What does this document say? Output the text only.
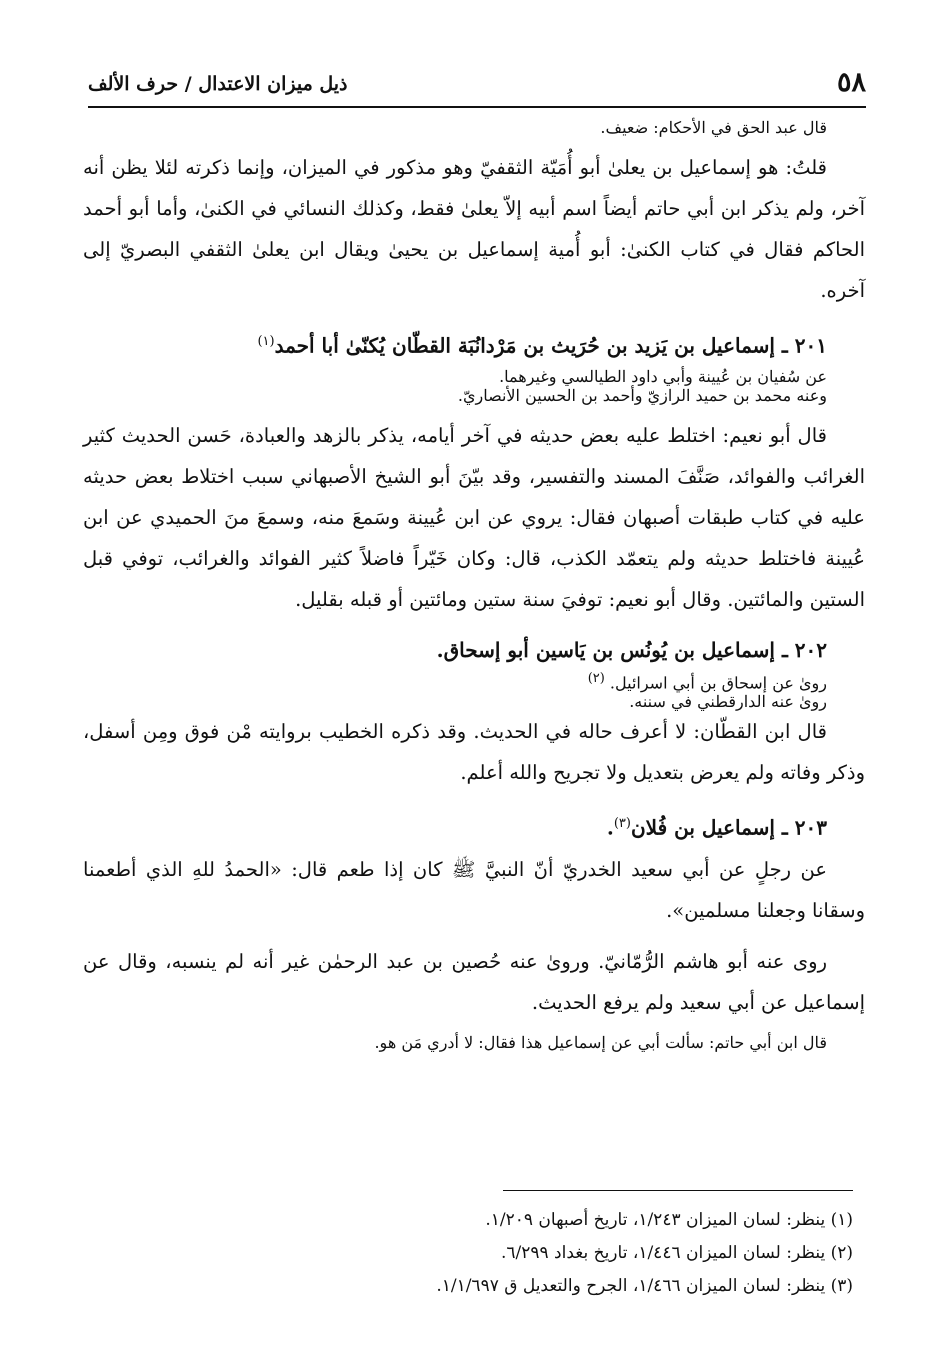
٥٨
ذيل ميزان الاعتدال / حرف الألف

قال عبد الحق في الأحكام: ضعيف.

قلتُ: هو إسماعيل بن يعلىٰ أبو أُمَيّة الثقفيّ وهو مذكور في الميزان، وإنما ذكرته لئلا يظن أنه آخر، ولم يذكر ابن أبي حاتم أيضاً اسم أبيه إلاّ يعلىٰ فقط، وكذلك النسائي في الكنىٰ، وأما أبو أحمد الحاكم فقال في كتاب الكنىٰ: أبو أُمية إسماعيل بن يحيىٰ ويقال ابن يعلىٰ الثقفي البصريّ إلى آخره.

٢٠١ ـ إسماعيل بن يَزيد بن حُرَيث بن مَرْدانُبَة القطّان يُكنّىٰ أبا أحمد$^{(١)}$

عن سُفيان بن عُيينة وأبي داود الطيالسي وغيرهما.

وعنه محمد بن حميد الرازيّ وأحمد بن الحسين الأنصاريّ.

قال أبو نعيم: اختلط عليه بعض حديثه في آخر أيامه، يذكر بالزهد والعبادة، حَسن الحديث كثير الغرائب والفوائد، صَنَّفَ المسند والتفسير، وقد بيّنَ أبو الشيخ الأصبهاني سبب اختلاط بعض حديثه عليه في كتاب طبقات أصبهان فقال: يروي عن ابن عُيينة وسَمعَ منه، وسمعَ منَ الحميدي عن ابن عُيينة فاختلط حديثه ولم يتعمّد الكذب، قال: وكان خَيّراً فاضلاً كثير الفوائد والغرائب، توفي قبل الستين والمائتين. وقال أبو نعيم: توفيَ سنة ستين ومائتين أو قبله بقليل.

٢٠٢ ـ إسماعيل بن يُونُس بن يَاسين أبو إسحاق.

روىٰ عن إسحاق بن أبي اسرائيل. $^{(٢)}$

روىٰ عنه الدارقطني في سننه.

قال ابن القطّان: لا أعرف حاله في الحديث. وقد ذكره الخطيب بروايته مْن فوق ومِن أسفل، وذكر وفاته ولم يعرض بتعديل ولا تجريح والله أعلم.

٢٠٣ ـ إسماعيل بن فُلان$^{(٣)}$.

عن رجلٍ عن أبي سعيد الخدريّ أنّ النبيَّ ﷺ كان إذا طعم قال: «الحمدُ للهِ الذي أطعمنا وسقانا وجعلنا مسلمين».

روى عنه أبو هاشم الرُّمّانيّ. وروىٰ عنه حُصين بن عبد الرحمٰن غير أنه لم ينسبه، وقال عن إسماعيل عن أبي سعيد ولم يرفع الحديث.

قال ابن أبي حاتم: سألت أبي عن إسماعيل هذا فقال: لا أدري مَن هو.

(١) ينظر: لسان الميزان ١/٢٤٣، تاريخ أصبهان ١/٢٠٩.

(٢) ينظر: لسان الميزان ١/٤٤٦، تاريخ بغداد ٦/٢٩٩.

(٣) ينظر: لسان الميزان ١/٤٦٦، الجرح والتعديل ق ١/١/٦٩٧.
